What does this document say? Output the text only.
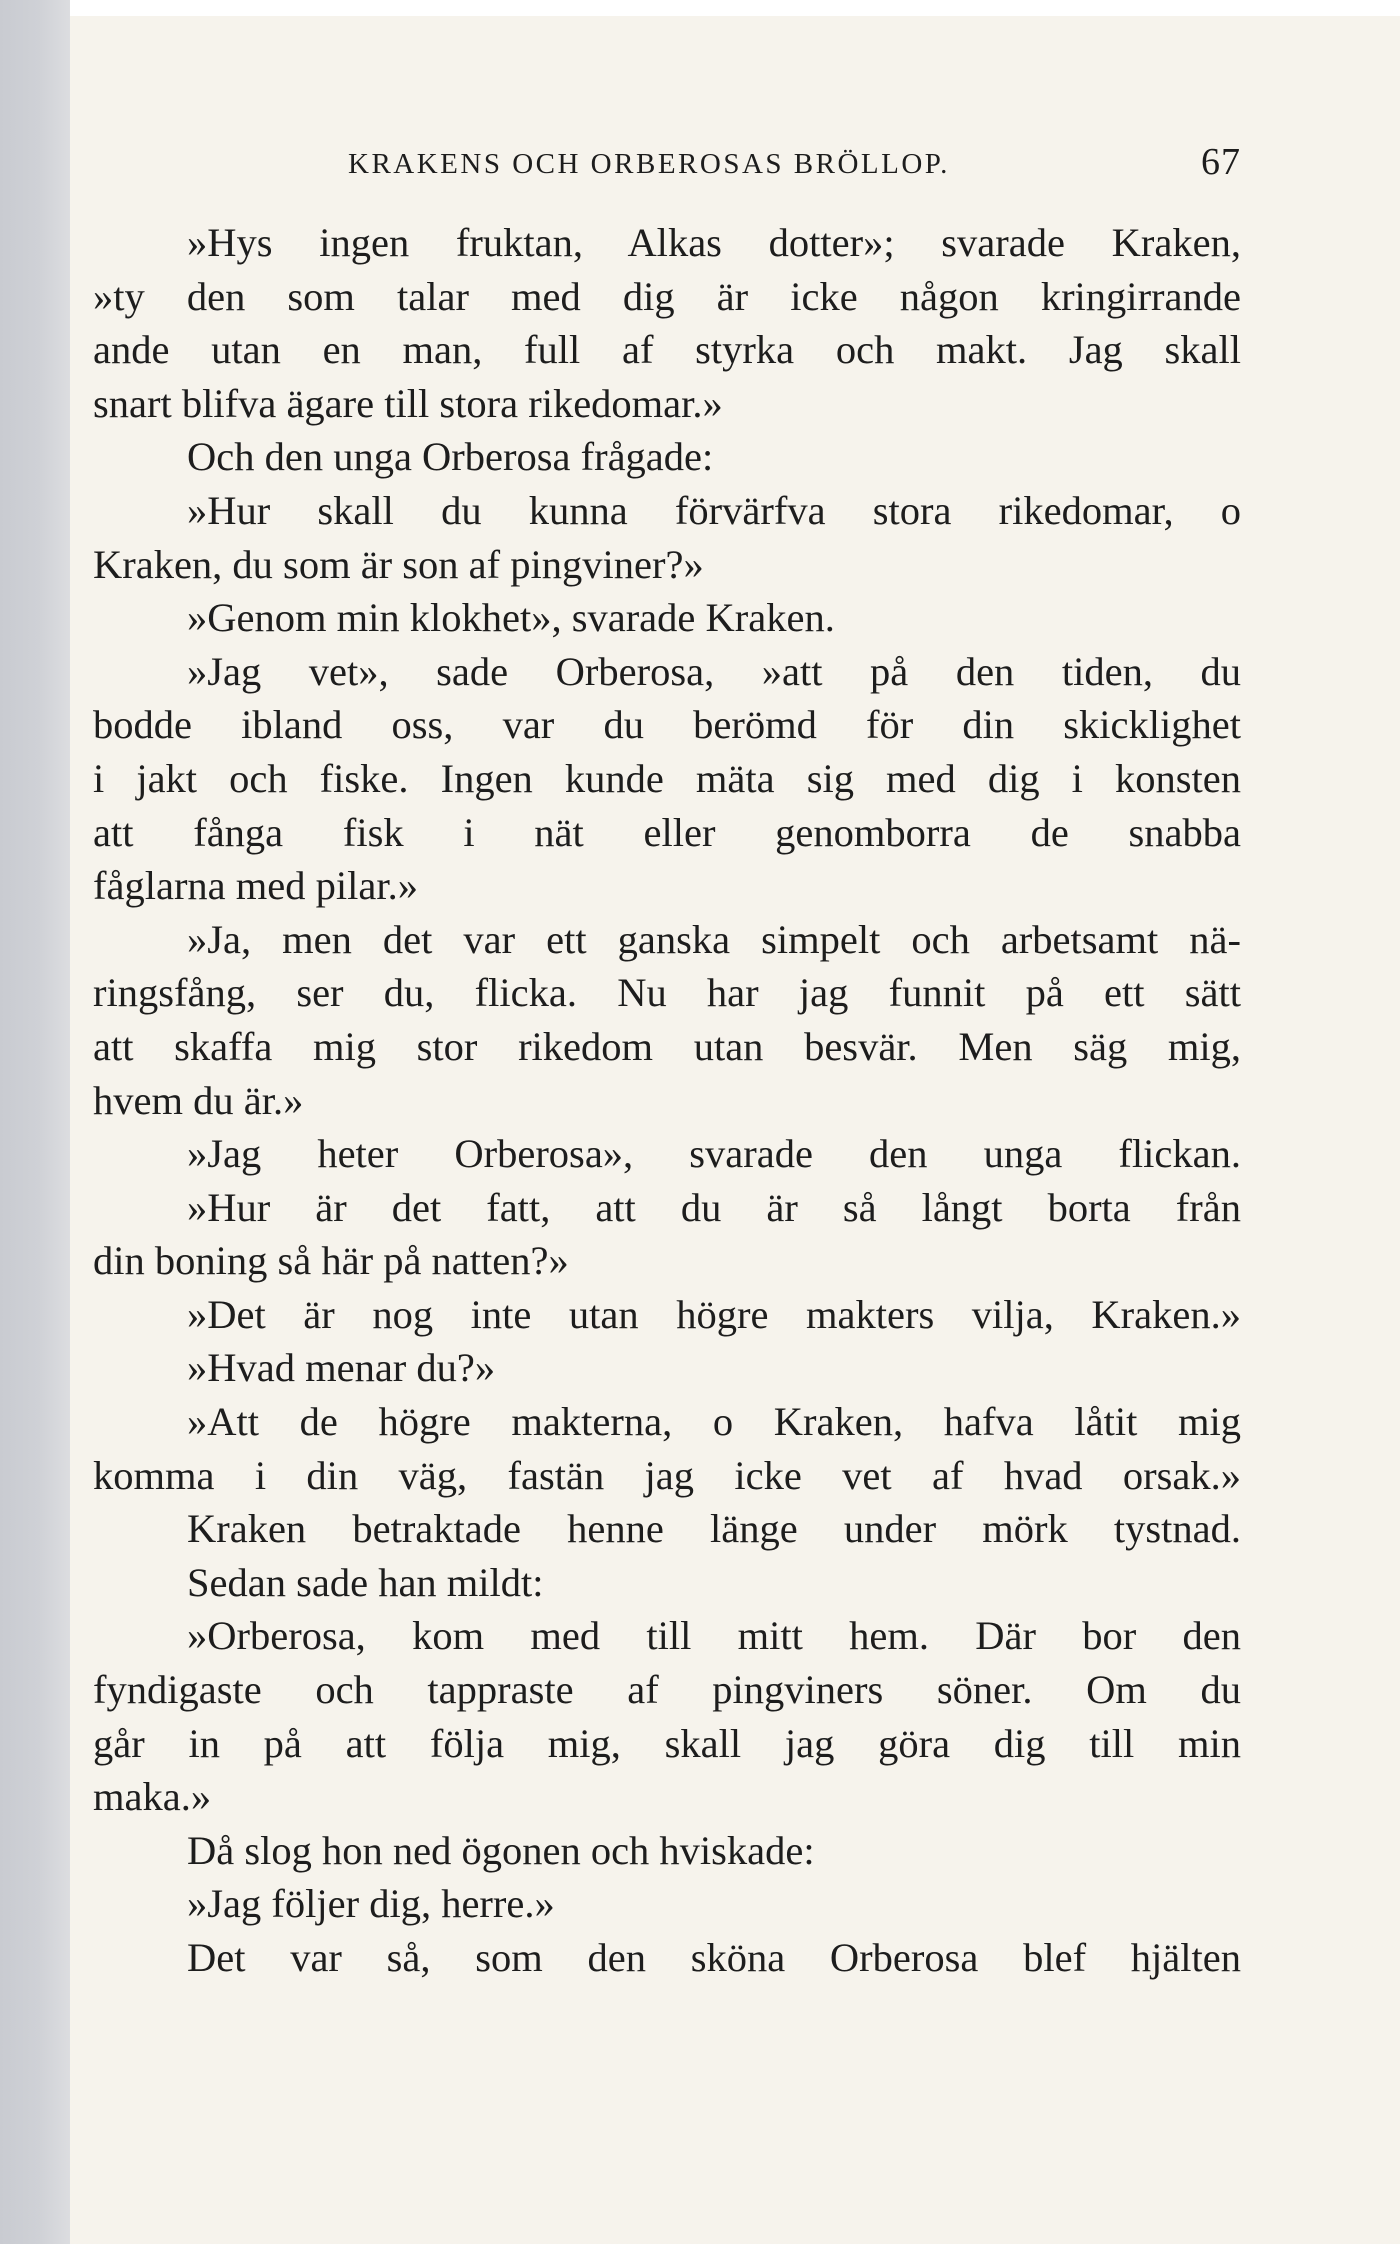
KRAKENS OCH ORBEROSAS BRÖLLOP.	67
»Hys ingen fruktan, Alkas dotter»; svarade Kraken,
»ty den som talar med dig är icke någon kringirrande
ande utan en man, full af styrka och makt. Jag skall
snart blifva ägare till stora rikedomar.»
Och den unga Orberosa frågade:
»Hur skall du kunna förvärfva stora rikedomar, o
Kraken, du som är son af pingviner?»
»Genom min klokhet», svarade Kraken.
»Jag vet», sade Orberosa, »att på den tiden, du
bodde ibland oss, var du berömd för din skicklighet
i jakt och fiske. Ingen kunde mäta sig med dig i konsten
att fånga fisk i nät eller genomborra de snabba
fåglarna med pilar.»
»Ja, men det var ett ganska simpelt och arbetsamt nä-
ringsfång, ser du, flicka. Nu har jag funnit på ett sätt
att skaffa mig stor rikedom utan besvär. Men säg mig,
hvem du är.»
»Jag heter Orberosa», svarade den unga flickan.
»Hur är det fatt, att du är så långt borta från
din boning så här på natten?»
»Det är nog inte utan högre makters vilja, Kraken.»
»Hvad menar du?»
»Att de högre makterna, o Kraken, hafva låtit mig
komma i din väg, fastän jag icke vet af hvad orsak.»
Kraken betraktade henne länge under mörk tystnad.
Sedan sade han mildt:
»Orberosa, kom med till mitt hem. Där bor den
fyndigaste och tappraste af pingviners söner. Om du
går in på att följa mig, skall jag göra dig till min
maka.»
Då slog hon ned ögonen och hviskade:
»Jag följer dig, herre.»
Det var så, som den sköna Orberosa blef hjälten
